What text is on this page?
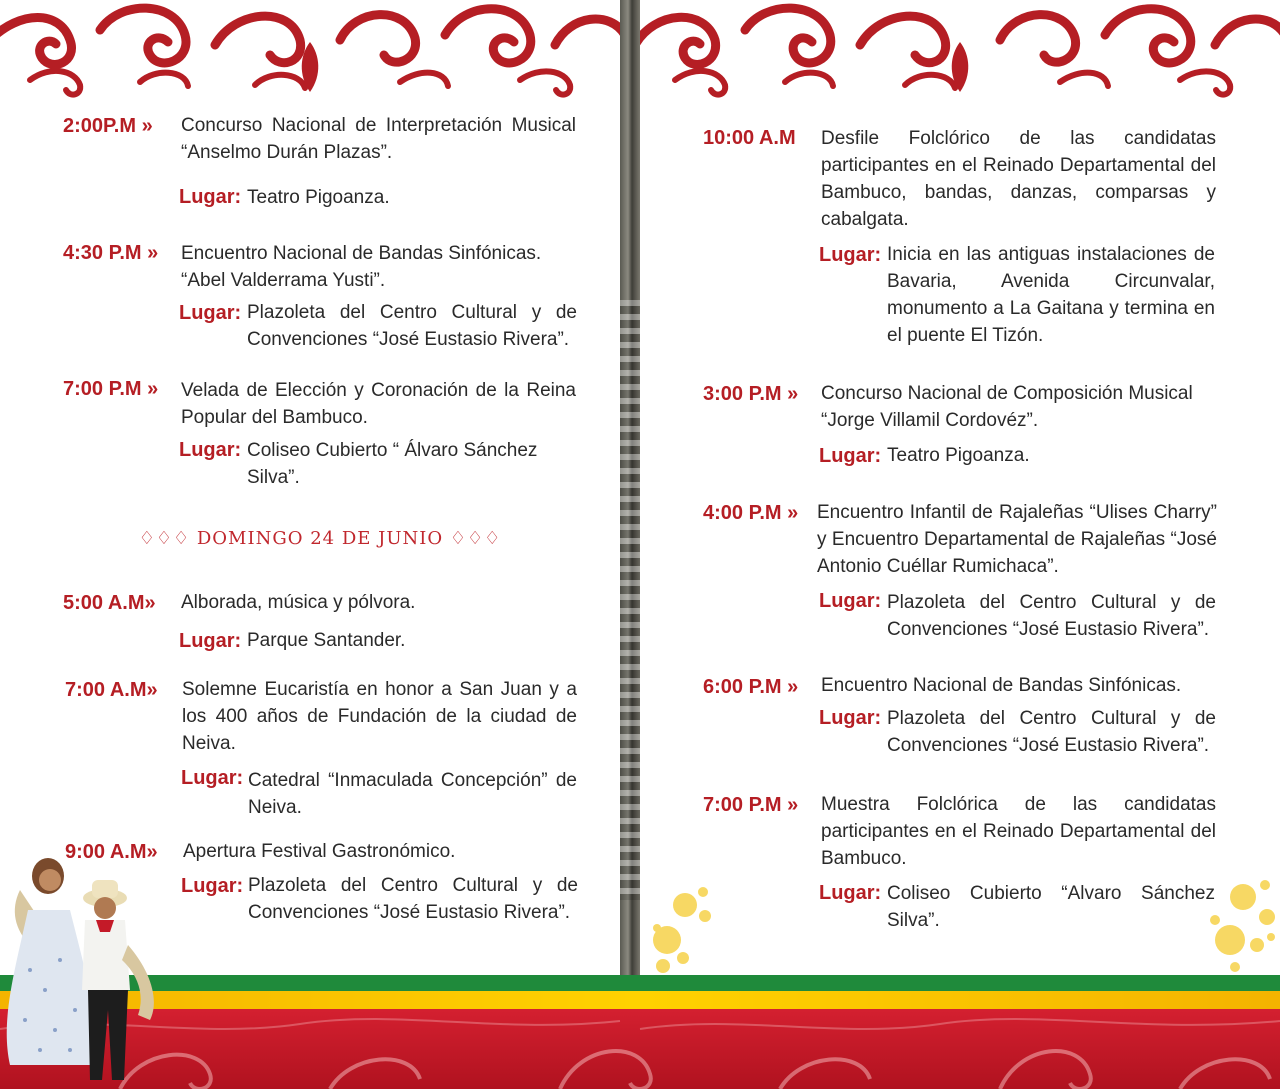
2:00P.M » Concurso Nacional de Interpretación Musical “Anselmo Durán Plazas”.
Lugar: Teatro Pigoanza.
4:30 P.M » Encuentro Nacional de Bandas Sinfónicas. “Abel Valderrama Yusti”.
Lugar: Plazoleta del Centro Cultural y de Convenciones “José Eustasio Rivera”.
7:00 P.M » Velada de Elección y Coronación de la Reina Popular del Bambuco.
Lugar: Coliseo Cubierto “ Álvaro Sánchez Silva”.
♢♢♢ DOMINGO 24 DE JUNIO ♢♢♢
5:00 A.M» Alborada, música y pólvora.
Lugar: Parque Santander.
7:00 A.M» Solemne Eucaristía en honor a San Juan y a los 400 años de Fundación de la ciudad de Neiva.
Lugar: Catedral “Inmaculada Concepción” de Neiva.
9:00 A.M» Apertura Festival Gastronómico.
Lugar: Plazoleta del Centro Cultural y de Convenciones “José Eustasio Rivera”.
10:00 A.M Desfile Folclórico de las candidatas participantes en el Reinado Departamental del Bambuco, bandas, danzas, comparsas y cabalgata.
Lugar: Inicia en las antiguas instalaciones de Bavaria, Avenida Circunvalar, monumento a La Gaitana y termina en el puente El Tizón.
3:00 P.M » Concurso Nacional de Composición Musical “Jorge Villamil Cordovéz”.
Lugar: Teatro Pigoanza.
4:00 P.M » Encuentro Infantil de Rajaleñas “Ulises Charry” y Encuentro Departamental de Rajaleñas “José Antonio Cuéllar Rumichaca”.
Lugar: Plazoleta del Centro Cultural y de Convenciones “José Eustasio Rivera”.
6:00 P.M » Encuentro Nacional de Bandas Sinfónicas.
Lugar: Plazoleta del Centro Cultural y de Convenciones “José Eustasio Rivera”.
7:00 P.M » Muestra Folclórica de las candidatas participantes en el Reinado Departamental del Bambuco.
Lugar: Coliseo Cubierto “Alvaro Sánchez Silva”.
